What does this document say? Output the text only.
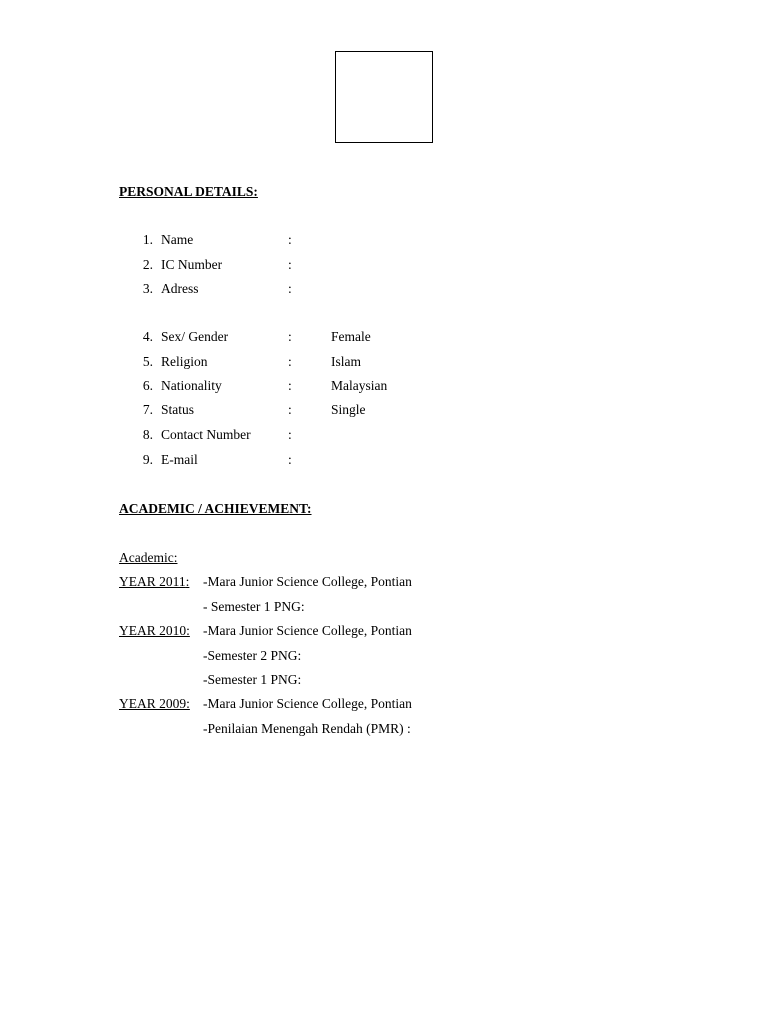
PERSONAL DETAILS:
1. Name	:
2. IC Number	:
3. Adress	:
4. Sex/ Gender	:	Female
5. Religion	:	Islam
6. Nationality	:	Malaysian
7. Status	:	Single
8. Contact Number	:
9. E-mail	:
ACADEMIC / ACHIEVEMENT:
Academic:
YEAR 2011: -Mara Junior Science College, Pontian
- Semester 1 PNG:
YEAR 2010: -Mara Junior Science College, Pontian
-Semester 2 PNG:
-Semester 1 PNG:
YEAR 2009: -Mara Junior Science College, Pontian
-Penilaian Menengah Rendah (PMR) :
